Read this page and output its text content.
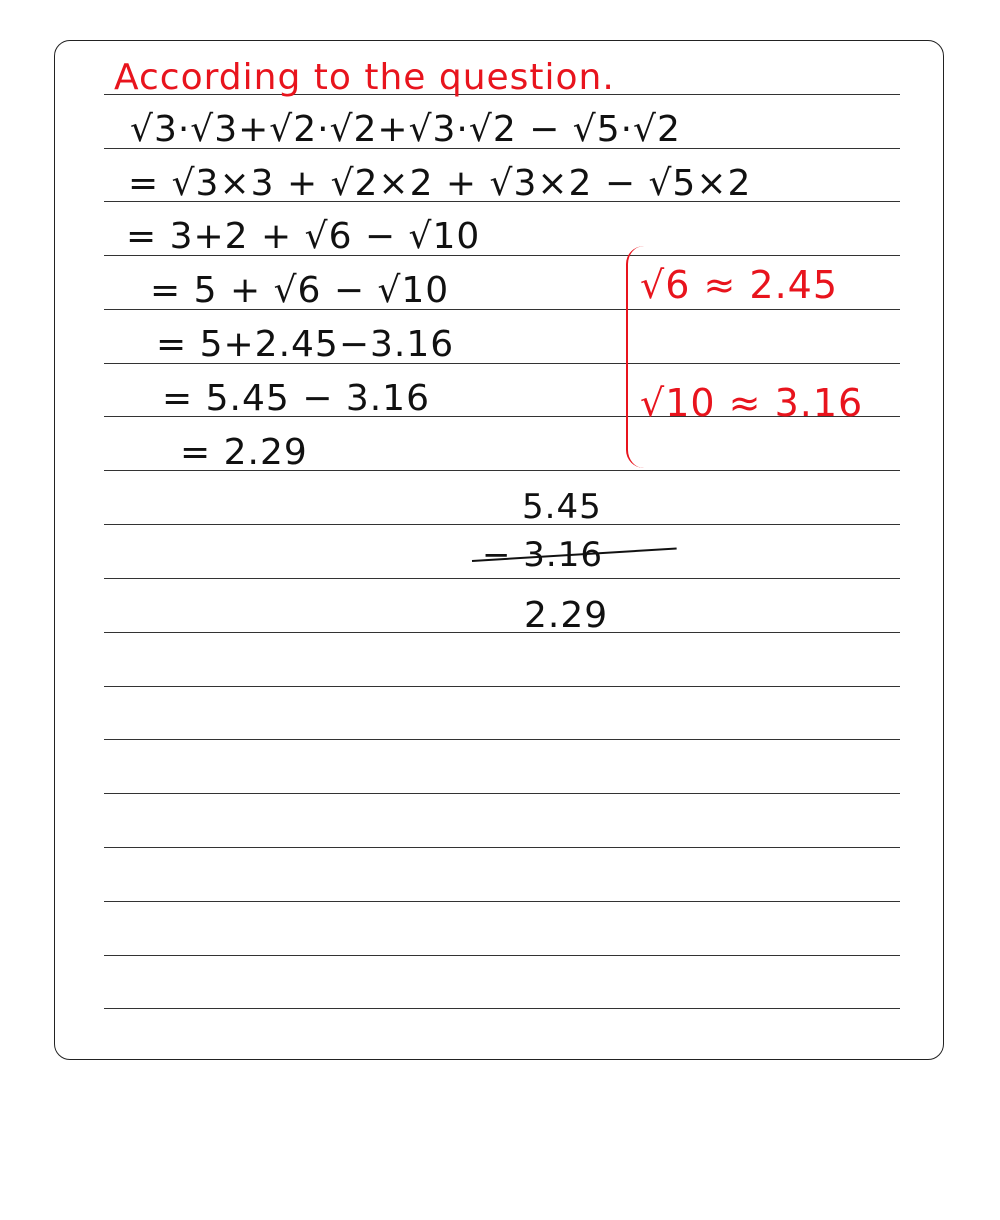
According to the question.
√3·√3+√2·√2+√3·√2 − √5·√2
= √3×3 + √2×2 + √3×2 − √5×2
= 3+2 + √6 − √10
= 5 + √6 − √10
= 5+2.45−3.16
= 5.45 − 3.16
= 2.29
√6 ≈ 2.45
√10 ≈ 3.16
5.45
− 3.16
2.29
